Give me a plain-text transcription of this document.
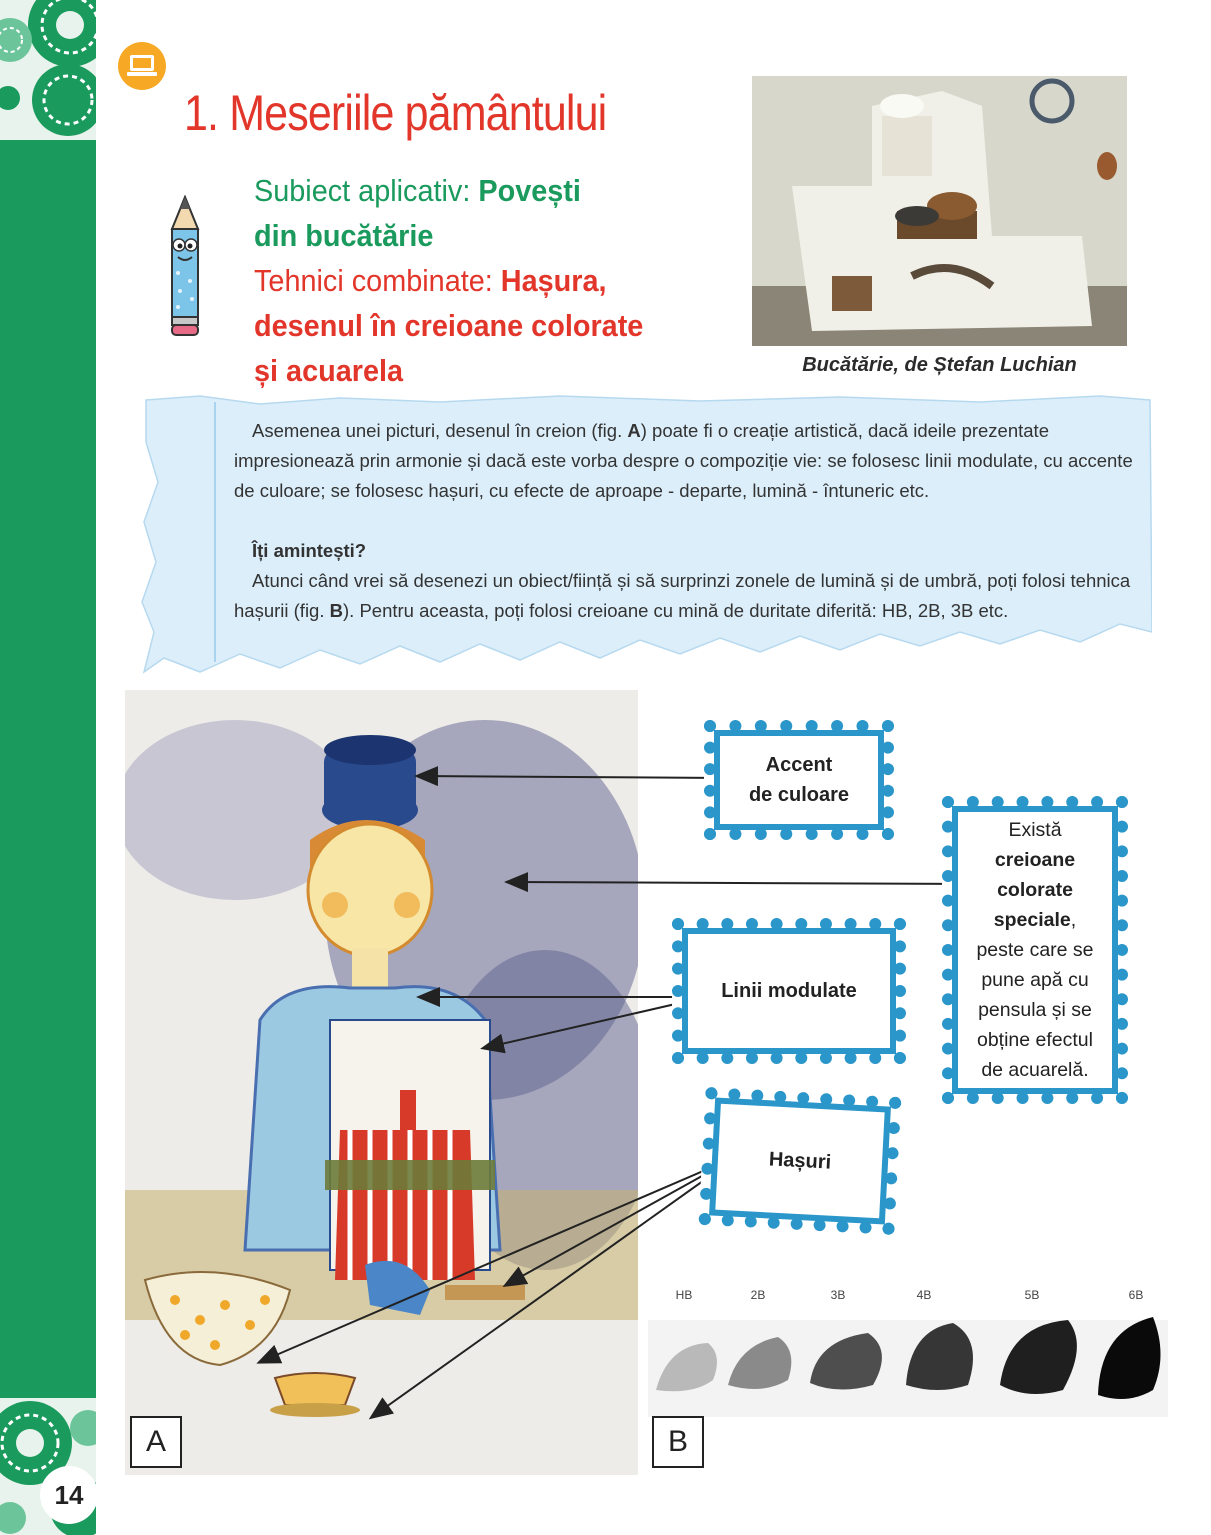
14
1. Meseriile pământului
Subiect aplicativ: Povești
din bucătărie
Tehnici combinate: Hașura,
desenul în creioane colorate
și acuarela	Bucătărie, de Ștefan Luchian

Asemenea unei picturi, desenul în creion (fig. A) poate fi o creație artistică, dacă ideile prezentate impresionează prin armonie și dacă este vorba despre o compoziție vie: se folosesc linii modulate, cu accente de culoare; se folosesc hașuri, cu efecte de aproape - departe, lumină - întuneric etc.

Îți amintești?

Atunci când vrei să desenezi un obiect/ființă și să surprinzi zonele de lumină și de umbră, poți folosi tehnica hașurii (fig. B). Pentru aceasta, poți folosi creioane cu mină de duritate diferită: HB, 2B, 3B etc.

A
HB	2B	3B	4B	5B	6B
B
Accent
de culoare
Linii modulate
Hașuri
Există creioane colorate speciale, peste care se pune apă cu pensula și se obține efectul de acuarelă.
